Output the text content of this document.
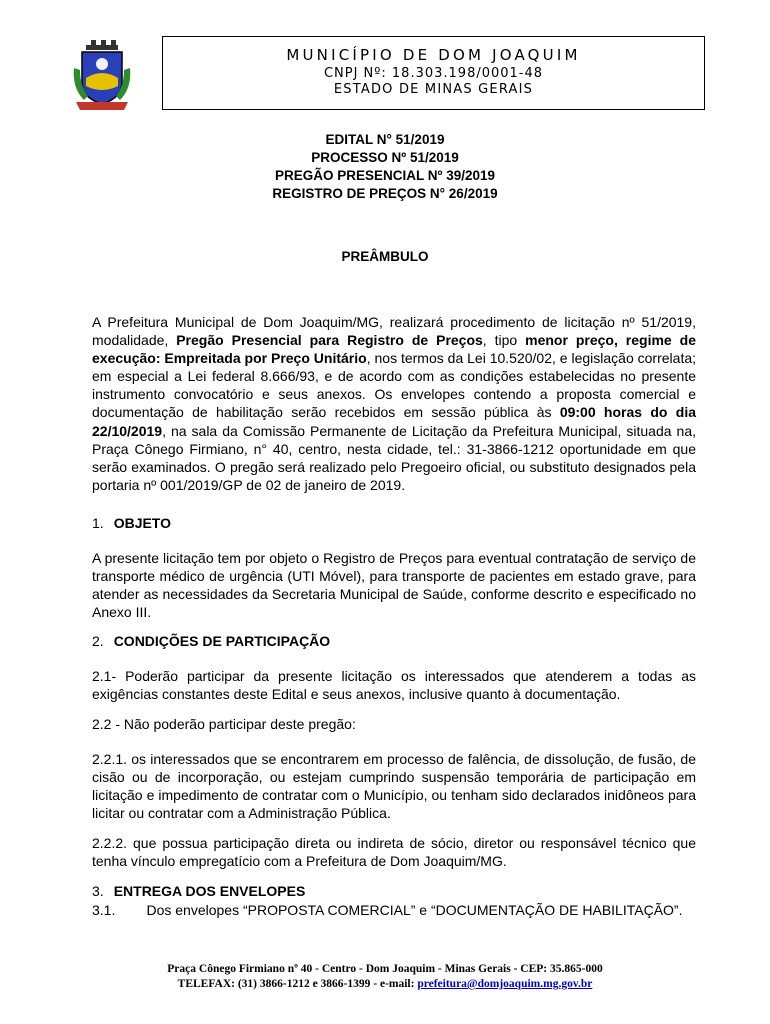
MUNICÍPIO DE DOM JOAQUIM
CNPJ Nº: 18.303.198/0001-48
ESTADO DE MINAS GERAIS
EDITAL N° 51/2019
PROCESSO Nº 51/2019
PREGÃO PRESENCIAL Nº 39/2019
REGISTRO DE PREÇOS N° 26/2019
PREÂMBULO

A Prefeitura Municipal de Dom Joaquim/MG, realizará procedimento de licitação nº 51/2019, modalidade, Pregão Presencial para Registro de Preços, tipo menor preço, regime de execução: Empreitada por Preço Unitário, nos termos da Lei 10.520/02, e legislação correlata; em especial a Lei federal 8.666/93, e de acordo com as condições estabelecidas no presente instrumento convocatório e seus anexos. Os envelopes contendo a proposta comercial e documentação de habilitação serão recebidos em sessão pública às 09:00 horas do dia 22/10/2019, na sala da Comissão Permanente de Licitação da Prefeitura Municipal, situada na, Praça Cônego Firmiano, n° 40, centro, nesta cidade, tel.: 31-3866-1212 oportunidade em que serão examinados. O pregão será realizado pelo Pregoeiro oficial, ou substituto designados pela portaria nº 001/2019/GP de 02 de janeiro de 2019.

1. OBJETO

A presente licitação tem por objeto o Registro de Preços para eventual contratação de serviço de transporte médico de urgência (UTI Móvel), para transporte de pacientes em estado grave, para atender as necessidades da Secretaria Municipal de Saúde, conforme descrito e especificado no Anexo III.

2. CONDIÇÕES DE PARTICIPAÇÃO

2.1- Poderão participar da presente licitação os interessados que atenderem a todas as exigências constantes deste Edital e seus anexos, inclusive quanto à documentação.

2.2 - Não poderão participar deste pregão:

2.2.1. os interessados que se encontrarem em processo de falência, de dissolução, de fusão, de cisão ou de incorporação, ou estejam cumprindo suspensão temporária de participação em licitação e impedimento de contratar com o Município, ou tenham sido declarados inidôneos para licitar ou contratar com a Administração Pública.

2.2.2. que possua participação direta ou indireta de sócio, diretor ou responsável técnico que tenha vínculo empregatício com a Prefeitura de Dom Joaquim/MG.

3. ENTREGA DOS ENVELOPES

3.1.        Dos envelopes “PROPOSTA COMERCIAL” e “DOCUMENTAÇÃO DE HABILITAÇÃO”.

Praça Cônego Firmiano nº 40 - Centro - Dom Joaquim - Minas Gerais - CEP: 35.865-000
TELEFAX: (31) 3866-1212 e 3866-1399 - e-mail: prefeitura@domjoaquim.mg.gov.br
